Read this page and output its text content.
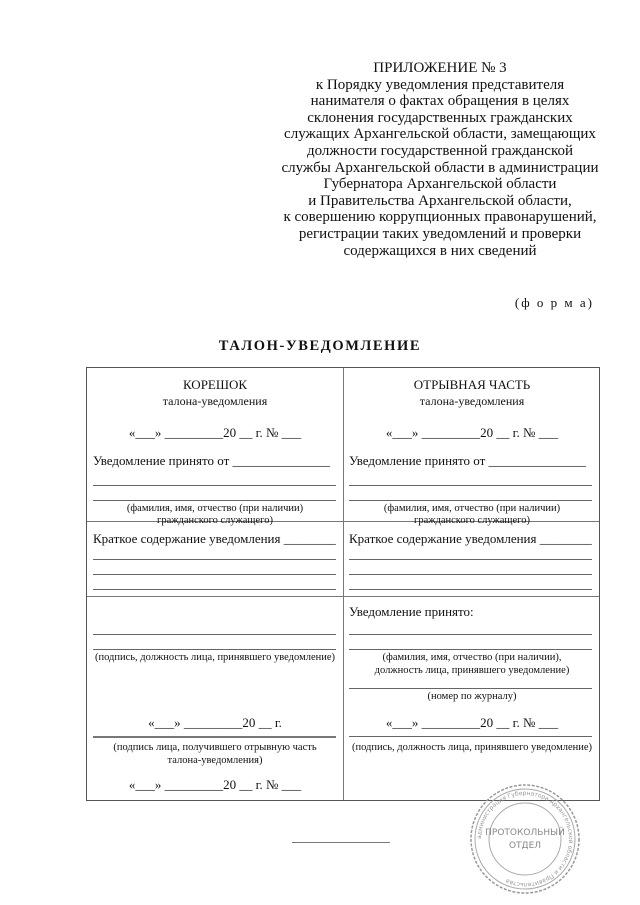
ПРИЛОЖЕНИЕ № 3
к Порядку уведомления представителя
нанимателя о фактах обращения в целях
склонения государственных гражданских
служащих Архангельской области, замещающих
должности государственной гражданской
службы Архангельской области в администрации
Губернатора Архангельской области
и Правительства Архангельской области,
к совершению коррупционных правонарушений,
регистрации таких уведомлений и проверки
содержащихся в них сведений
(ф о р м а)
ТАЛОН-УВЕДОМЛЕНИЕ
КОРЕШОК
талона-уведомления
«___» _________20 __ г. № ___
Уведомление принято от _______________
(фамилия, имя, отчество (при наличии)
гражданского служащего)
Краткое содержание уведомления ________
(подпись, должность лица, принявшего уведомление)
«___» _________20 __ г.
(подпись лица, получившего отрывную часть
талона-уведомления)
«___» _________20 __ г. № ___
ОТРЫВНАЯ ЧАСТЬ
талона-уведомления
«___» _________20 __ г. № ___
Уведомление принято от _______________
(фамилия, имя, отчество (при наличии)
гражданского служащего)
Краткое содержание уведомления ________
Уведомление принято:
(фамилия, имя, отчество (при наличии),
должность лица, принявшего уведомление)
(номер по журналу)
«___» _________20 __ г. № ___
(подпись, должность лица, принявшего уведомление)
администрация Губернатора Архангельской области и Правительства
ПРОТОКОЛЬНЫЙ
ОТДЕЛ
